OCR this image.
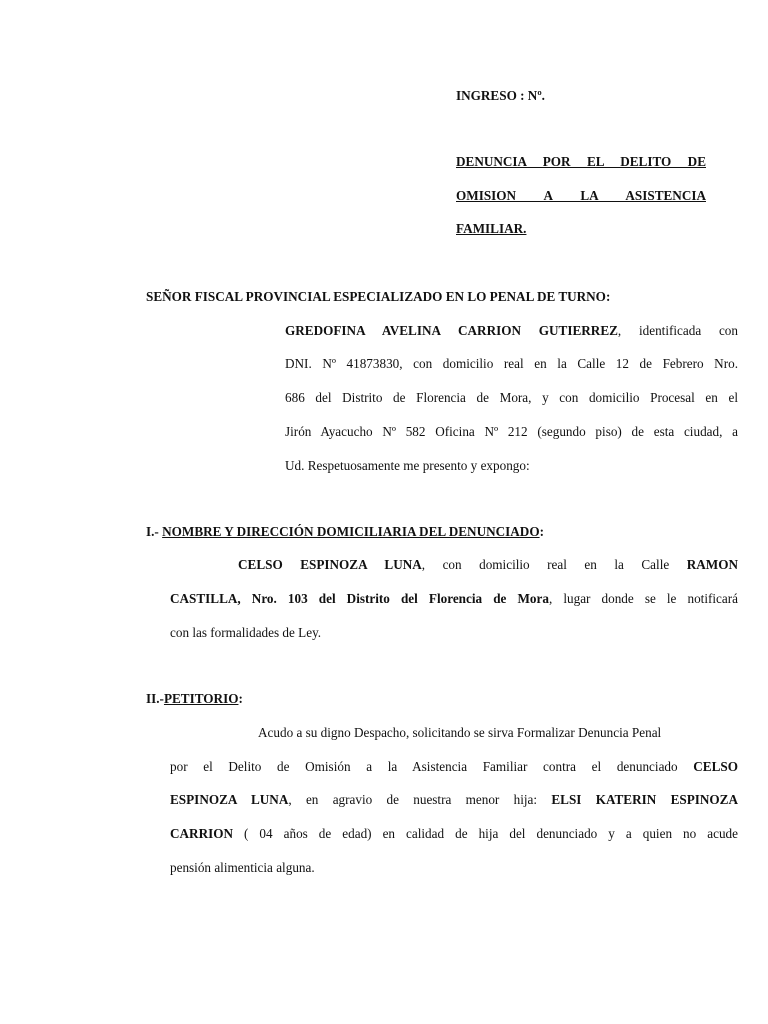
INGRESO : Nº.
DENUNCIA POR EL DELITO DE
OMISION A LA ASISTENCIA
FAMILIAR.
SEÑOR FISCAL PROVINCIAL ESPECIALIZADO EN LO PENAL DE TURNO:
GREDOFINA AVELINA CARRION GUTIERREZ, identificada con
DNI. Nº 41873830, con domicilio real en la Calle 12 de Febrero Nro.
686 del Distrito de Florencia de Mora, y con domicilio Procesal en el
Jirón Ayacucho Nº 582 Oficina Nº 212 (segundo piso) de esta ciudad, a
Ud. Respetuosamente me presento y expongo:
I.- NOMBRE Y DIRECCIÓN DOMICILIARIA DEL DENUNCIADO:
CELSO ESPINOZA LUNA, con domicilio real en la Calle RAMON
CASTILLA, Nro. 103 del Distrito del Florencia de Mora, lugar donde se le notificará
con las formalidades de Ley.
II.-PETITORIO:
Acudo a su digno Despacho, solicitando se sirva Formalizar Denuncia Penal
por el Delito de Omisión a la Asistencia Familiar contra el denunciado CELSO
ESPINOZA LUNA, en agravio de nuestra menor hija: ELSI KATERIN ESPINOZA
CARRION ( 04 años de edad) en calidad de hija del denunciado y a quien no acude
pensión alimenticia alguna.
